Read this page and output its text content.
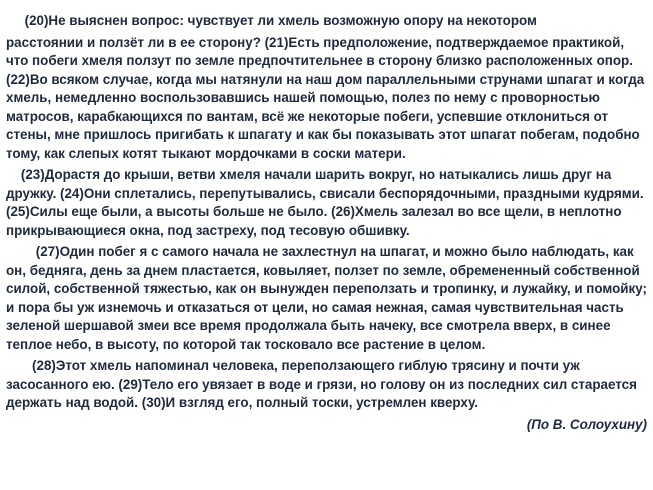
(20)Не выяснен вопрос: чувствует ли хмель возможную опору на некотором

расстоянии и ползёт ли в ее сторону? (21)Есть предположение, подтверждаемое практикой, что побеги хмеля ползут по земле предпочтительнее в сторону близко расположенных опор. (22)Во всяком случае, когда мы натянули на наш дом параллельными струнами шпагат и когда хмель, немедленно воспользовавшись нашей помощью, полез по нему с проворностью матросов, карабкающихся по вантам, всё же некоторые побеги, успевшие отклониться от стены, мне пришлось пригибать к шпагату и как бы показывать этот шпагат побегам, подобно тому, как слепых котят тыкают мордочками в соски матери.

(23)Дорастя до крыши, ветви хмеля начали шарить вокруг, но натыкались лишь друг на дружку. (24)Они сплетались, перепутывались, свисали беспорядочными, праздными кудрями. (25)Силы еще были, а высоты больше не было. (26)Хмель залезал во все щели, в неплотно прикрывающиеся окна, под застреху, под тесовую обшивку.

(27)Один побег я с самого начала не захлестнул на шпагат, и можно было наблюдать, как он, бедняга, день за днем пластается, ковыляет, ползет по земле, обремененный собственной силой, собственной тяжестью, как он вынужден переползать и тропинку, и лужайку, и помойку; и пора бы уж изнемочь и отказаться от цели, но самая нежная, самая чувствительная часть зеленой шершавой змеи все время продолжала быть начеку, все смотрела вверх, в синее теплое небо, в высоту, по которой так тосковало все растение в целом.

(28)Этот хмель напоминал человека, переползающего гиблую трясину и почти уж засосанного ею. (29)Тело его увязает в воде и грязи, но голову он из последних сил старается держать над водой. (30)И взгляд его, полный тоски, устремлен кверху.

(По В. Солоухину)
